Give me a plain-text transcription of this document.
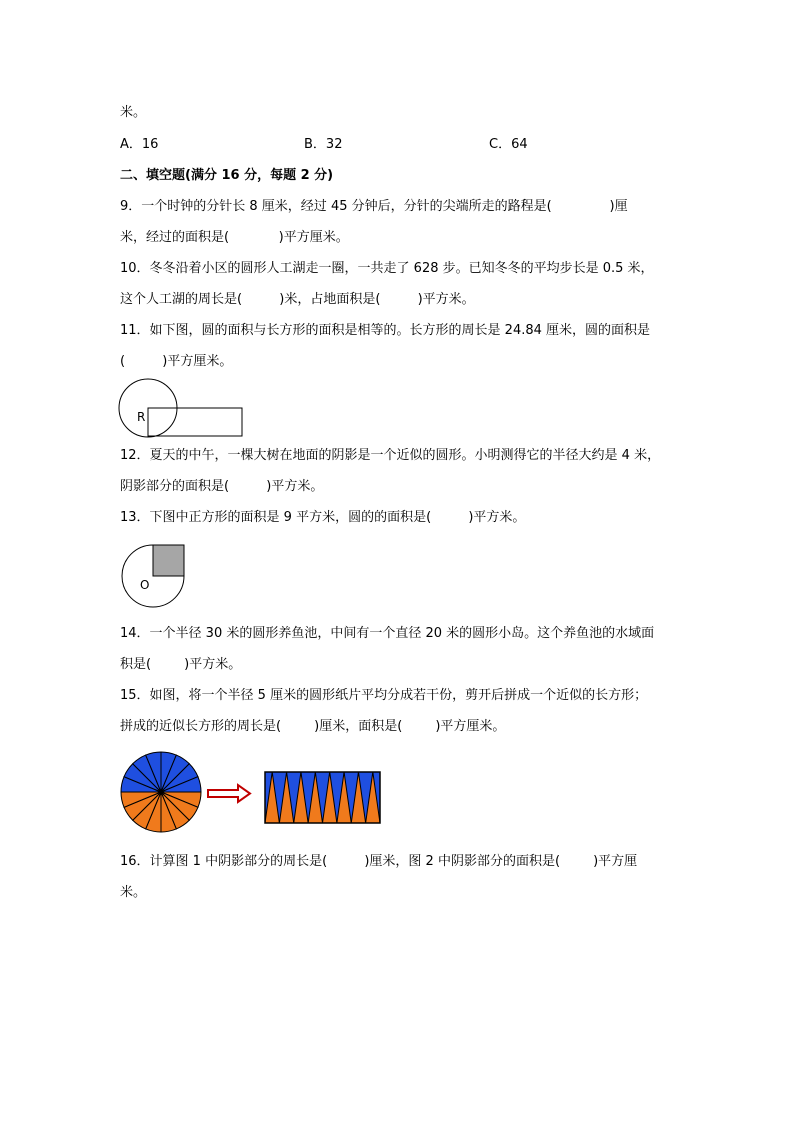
米。
A．16	B．32	C．64
二、填空题(满分 16 分，每题 2 分)
9．一个时钟的分针长 8 厘米，经过 45 分钟后，分针的尖端所走的路程是(              )厘
米，经过的面积是(            )平方厘米。
10．冬冬沿着小区的圆形人工湖走一圈，一共走了 628 步。已知冬冬的平均步长是 0.5 米，
这个人工湖的周长是(         )米，占地面积是(         )平方米。
11．如下图，圆的面积与长方形的面积是相等的。长方形的周长是 24.84 厘米，圆的面积是
(         )平方厘米。
R
12．夏天的中午，一棵大树在地面的阴影是一个近似的圆形。小明测得它的半径大约是 4 米，
阴影部分的面积是(         )平方米。
13．下图中正方形的面积是 9 平方米，圆的的面积是(         )平方米。
O
14．一个半径 30 米的圆形养鱼池，中间有一个直径 20 米的圆形小岛。这个养鱼池的水域面
积是(        )平方米。
15．如图，将一个半径 5 厘米的圆形纸片平均分成若干份，剪开后拼成一个近似的长方形；
拼成的近似长方形的周长是(        )厘米，面积是(        )平方厘米。
16．计算图 1 中阴影部分的周长是(         )厘米，图 2 中阴影部分的面积是(        )平方厘
米。
